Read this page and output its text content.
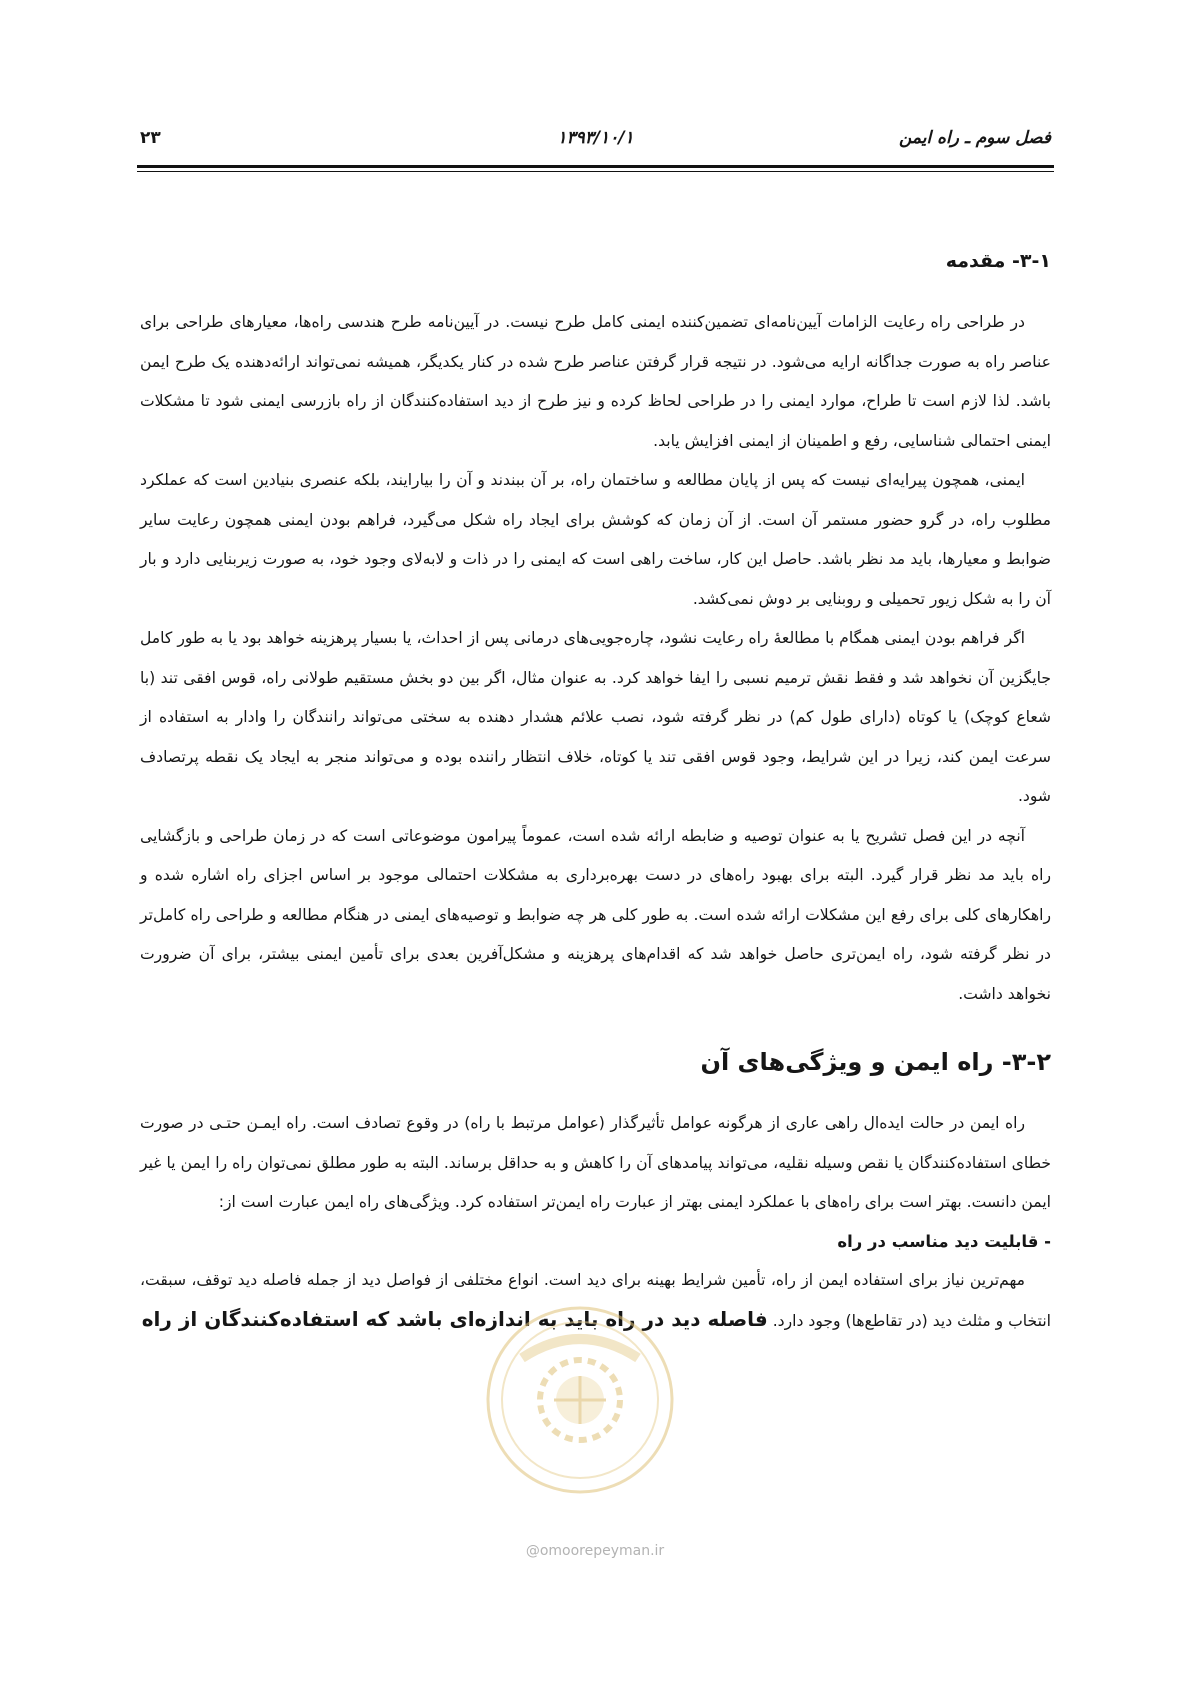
فصل سوم ـ راه ایمن
۱۳۹۳/۱۰/۱
۲۳
۳-۱- مقدمه

در طراحی راه رعایت الزامات آیین‌نامه‌ای تضمین‌کننده ایمنی کامل طرح نیست. در آیین‌نامه طرح هندسی راه‌ها، معیارهای طراحی برای عناصر راه به صورت جداگانه ارایه می‌شود. در نتیجه قرار گرفتن عناصر طرح شده در کنار یکدیگر، همیشه نمی‌تواند ارائه‌دهنده یک طرح ایمن باشد. لذا لازم است تا طراح، موارد ایمنی را در طراحی لحاظ کرده و نیز طرح از دید استفاده‌کنندگان از راه بازرسی ایمنی شود تا مشکلات ایمنی احتمالی شناسایی، رفع و اطمینان از ایمنی افزایش یابد.

ایمنی، همچون پیرایه‌ای نیست که پس از پایان مطالعه و ساختمان راه، بر آن ببندند و آن را بیارایند، بلکه عنصری بنیادین است که عملکرد مطلوب راه، در گرو حضور مستمر آن است. از آن زمان که کوشش برای ایجاد راه شکل می‌گیرد، فراهم بودن ایمنی همچون رعایت سایر ضوابط و معیارها، باید مد نظر باشد. حاصل این کار، ساخت راهی است که ایمنی را در ذات و لابه‌لای وجود خود، به صورت زیربنایی دارد و بار آن را به شکل زیور تحمیلی و روبنایی بر دوش نمی‌کشد.

اگر فراهم بودن ایمنی همگام با مطالعهٔ راه رعایت نشود، چاره‌جویی‌های درمانی پس از احداث، یا بسیار پرهزینه خواهد بود یا به طور کامل جایگزین آن نخواهد شد و فقط نقش ترمیم نسبی را ایفا خواهد کرد. به عنوان مثال، اگر بین دو بخش مستقیم طولانی راه، قوس افقی تند (با شعاع کوچک) یا کوتاه (دارای طول کم) در نظر گرفته شود، نصب علائم هشدار دهنده به سختی می‌تواند رانندگان را وادار به استفاده از سرعت ایمن کند، زیرا در این شرایط، وجود قوس افقی تند یا کوتاه، خلاف انتظار راننده بوده و می‌تواند منجر به ایجاد یک نقطه پرتصادف شود.

آنچه در این فصل تشریح یا به عنوان توصیه و ضابطه ارائه شده است، عموماً پیرامون موضوعاتی است که در زمان طراحی و بازگشایی راه باید مد نظر قرار گیرد. البته برای بهبود راه‌های در دست بهره‌برداری به مشکلات احتمالی موجود بر اساس اجزای راه اشاره شده و راهکارهای کلی برای رفع این مشکلات ارائه شده است. به طور کلی هر چه ضوابط و توصیه‌های ایمنی در هنگام مطالعه و طراحی راه کامل‌تر در نظر گرفته شود، راه ایمن‌تری حاصل خواهد شد که اقدام‌های پرهزینه و مشکل‌آفرین بعدی برای تأمین ایمنی بیشتر، برای آن ضرورت نخواهد داشت.

۳-۲- راه ایمن و ویژگی‌های آن

راه ایمن در حالت ایده‌ال راهی عاری از هرگونه عوامل تأثیرگذار (عوامل مرتبط با راه) در وقوع تصادف است. راه ایمـن حتـی در صورت خطای استفاده‌کنندگان یا نقص وسیله نقلیه، می‌تواند پیامدهای آن را کاهش و به حداقل برساند. البته به طور مطلق نمی‌توان راه را ایمن یا غیر ایمن دانست. بهتر است برای راه‌های با عملکرد ایمنی بهتر از عبارت راه ایمن‌تر استفاده کرد. ویژگی‌های راه ایمن عبارت است از:

- قابلیت دید مناسب در راه

مهم‌ترین نیاز برای استفاده ایمن از راه، تأمین شرایط بهینه برای دید است. انواع مختلفی از فواصل دید از جمله فاصله دید توقف، سبقت، انتخاب و مثلث دید (در تقاطع‌ها) وجود دارد. فاصله دید در راه باید به اندازه‌ای باشد که استفاده‌کنندگان از راه

@omoorepeyman.ir
